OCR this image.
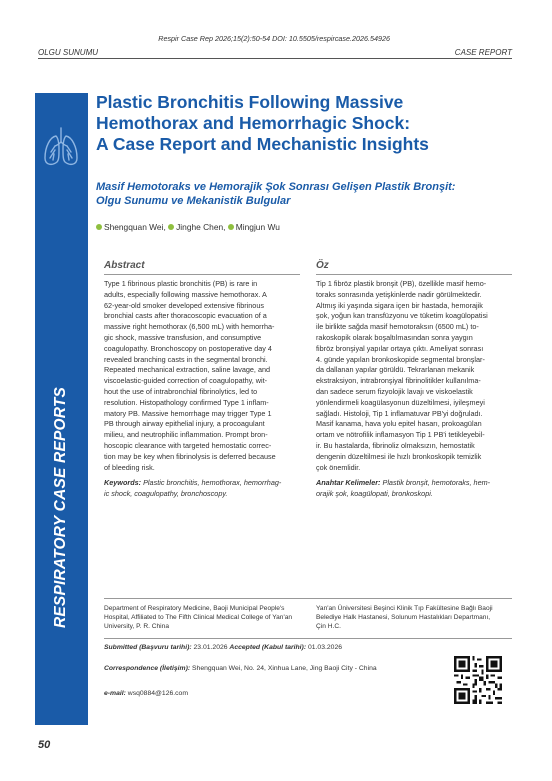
Respir Case Rep 2026;15(2):50-54 DOI: 10.5505/respircase.2026.54926
OLGU SUNUMU	CASE REPORT
RESPIRATORY CASE REPORTS
Plastic Bronchitis Following Massive
Hemothorax and Hemorrhagic Shock:
A Case Report and Mechanistic Insights
Masif Hemotoraks ve Hemorajik Şok Sonrası Gelişen Plastik Bronşit:
Olgu Sunumu ve Mekanistik Bulgular
Shengquan Wei, Jinghe Chen, Mingjun Wu
Abstract
Type 1 fibrinous plastic bronchitis (PB) is rare in
adults, especially following massive hemothorax. A
62-year-old smoker developed extensive fibrinous
bronchial casts after thoracoscopic evacuation of a
massive right hemothorax (6,500 mL) with hemorrha-
gic shock, massive transfusion, and consumptive
coagulopathy. Bronchoscopy on postoperative day 4
revealed branching casts in the segmental bronchi.
Repeated mechanical extraction, saline lavage, and
viscoelastic-guided correction of coagulopathy, wit-
hout the use of intrabronchial fibrinolytics, led to
resolution. Histopathology confirmed Type 1 inflam-
matory PB. Massive hemorrhage may trigger Type 1
PB through airway epithelial injury, a procoagulant
milieu, and neutrophilic inflammation. Prompt bron-
hoscopic clearance with targeted hemostatic correc-
tion may be key when fibrinolysis is deferred because
of bleeding risk.
Keywords: Plastic bronchitis, hemothorax, hemorrhag-
ic shock, coagulopathy, bronchoscopy.
Öz
Tip 1 fibröz plastik bronşit (PB), özellikle masif hemo-
toraks sonrasında yetişkinlerde nadir görülmektedir.
Altmış iki yaşında sigara içen bir hastada, hemorajik
şok, yoğun kan transfüzyonu ve tüketim koagülopatisi
ile birlikte sağda masif hemotoraksın (6500 mL) to-
rakoskopik olarak boşaltılmasından sonra yaygın
fibröz bronşiyal yapılar ortaya çıktı. Ameliyat sonrası
4. günde yapılan bronkoskopide segmental bronşlar-
da dallanan yapılar görüldü. Tekrarlanan mekanik
ekstraksiyon, intrabronşiyal fibrinolitikler kullanılma-
dan sadece serum fizyolojik lavajı ve viskoelastik
yönlendirmeli koagülasyonun düzeltilmesi, iyileşmeyi
sağladı. Histoloji, Tip 1 inflamatuvar PB'yi doğruladı.
Masif kanama, hava yolu epitel hasarı, prokoagülan
ortam ve nötrofilik inflamasyon Tip 1 PB'i tetikleyebil-
ir. Bu hastalarda, fibrinoliz olmaksızın, hemostatik
dengenin düzeltilmesi ile hızlı bronkoskopik temizlik
çok önemlidir.
Anahtar Kelimeler: Plastik bronşit, hemotoraks, hem-
orajik şok, koagülopati, bronkoskopi.
Department of Respiratory Medicine, Baoji Municipal People's
Hospital, Affiliated to The Fifth Clinical Medical College of Yan'an
University, P. R. China
Yan'an Üniversitesi Beşinci Klinik Tıp Fakültesine Bağlı Baoji
Belediye Halk Hastanesi, Solunum Hastalıkları Departmanı,
Çin H.C.
Submitted (Başvuru tarihi): 23.01.2026 Accepted (Kabul tarihi): 01.03.2026
Correspondence (İletişim): Shengquan Wei, No. 24, Xinhua Lane, Jing Baoji City - China
e-mail: wsq0884@126.com
50
